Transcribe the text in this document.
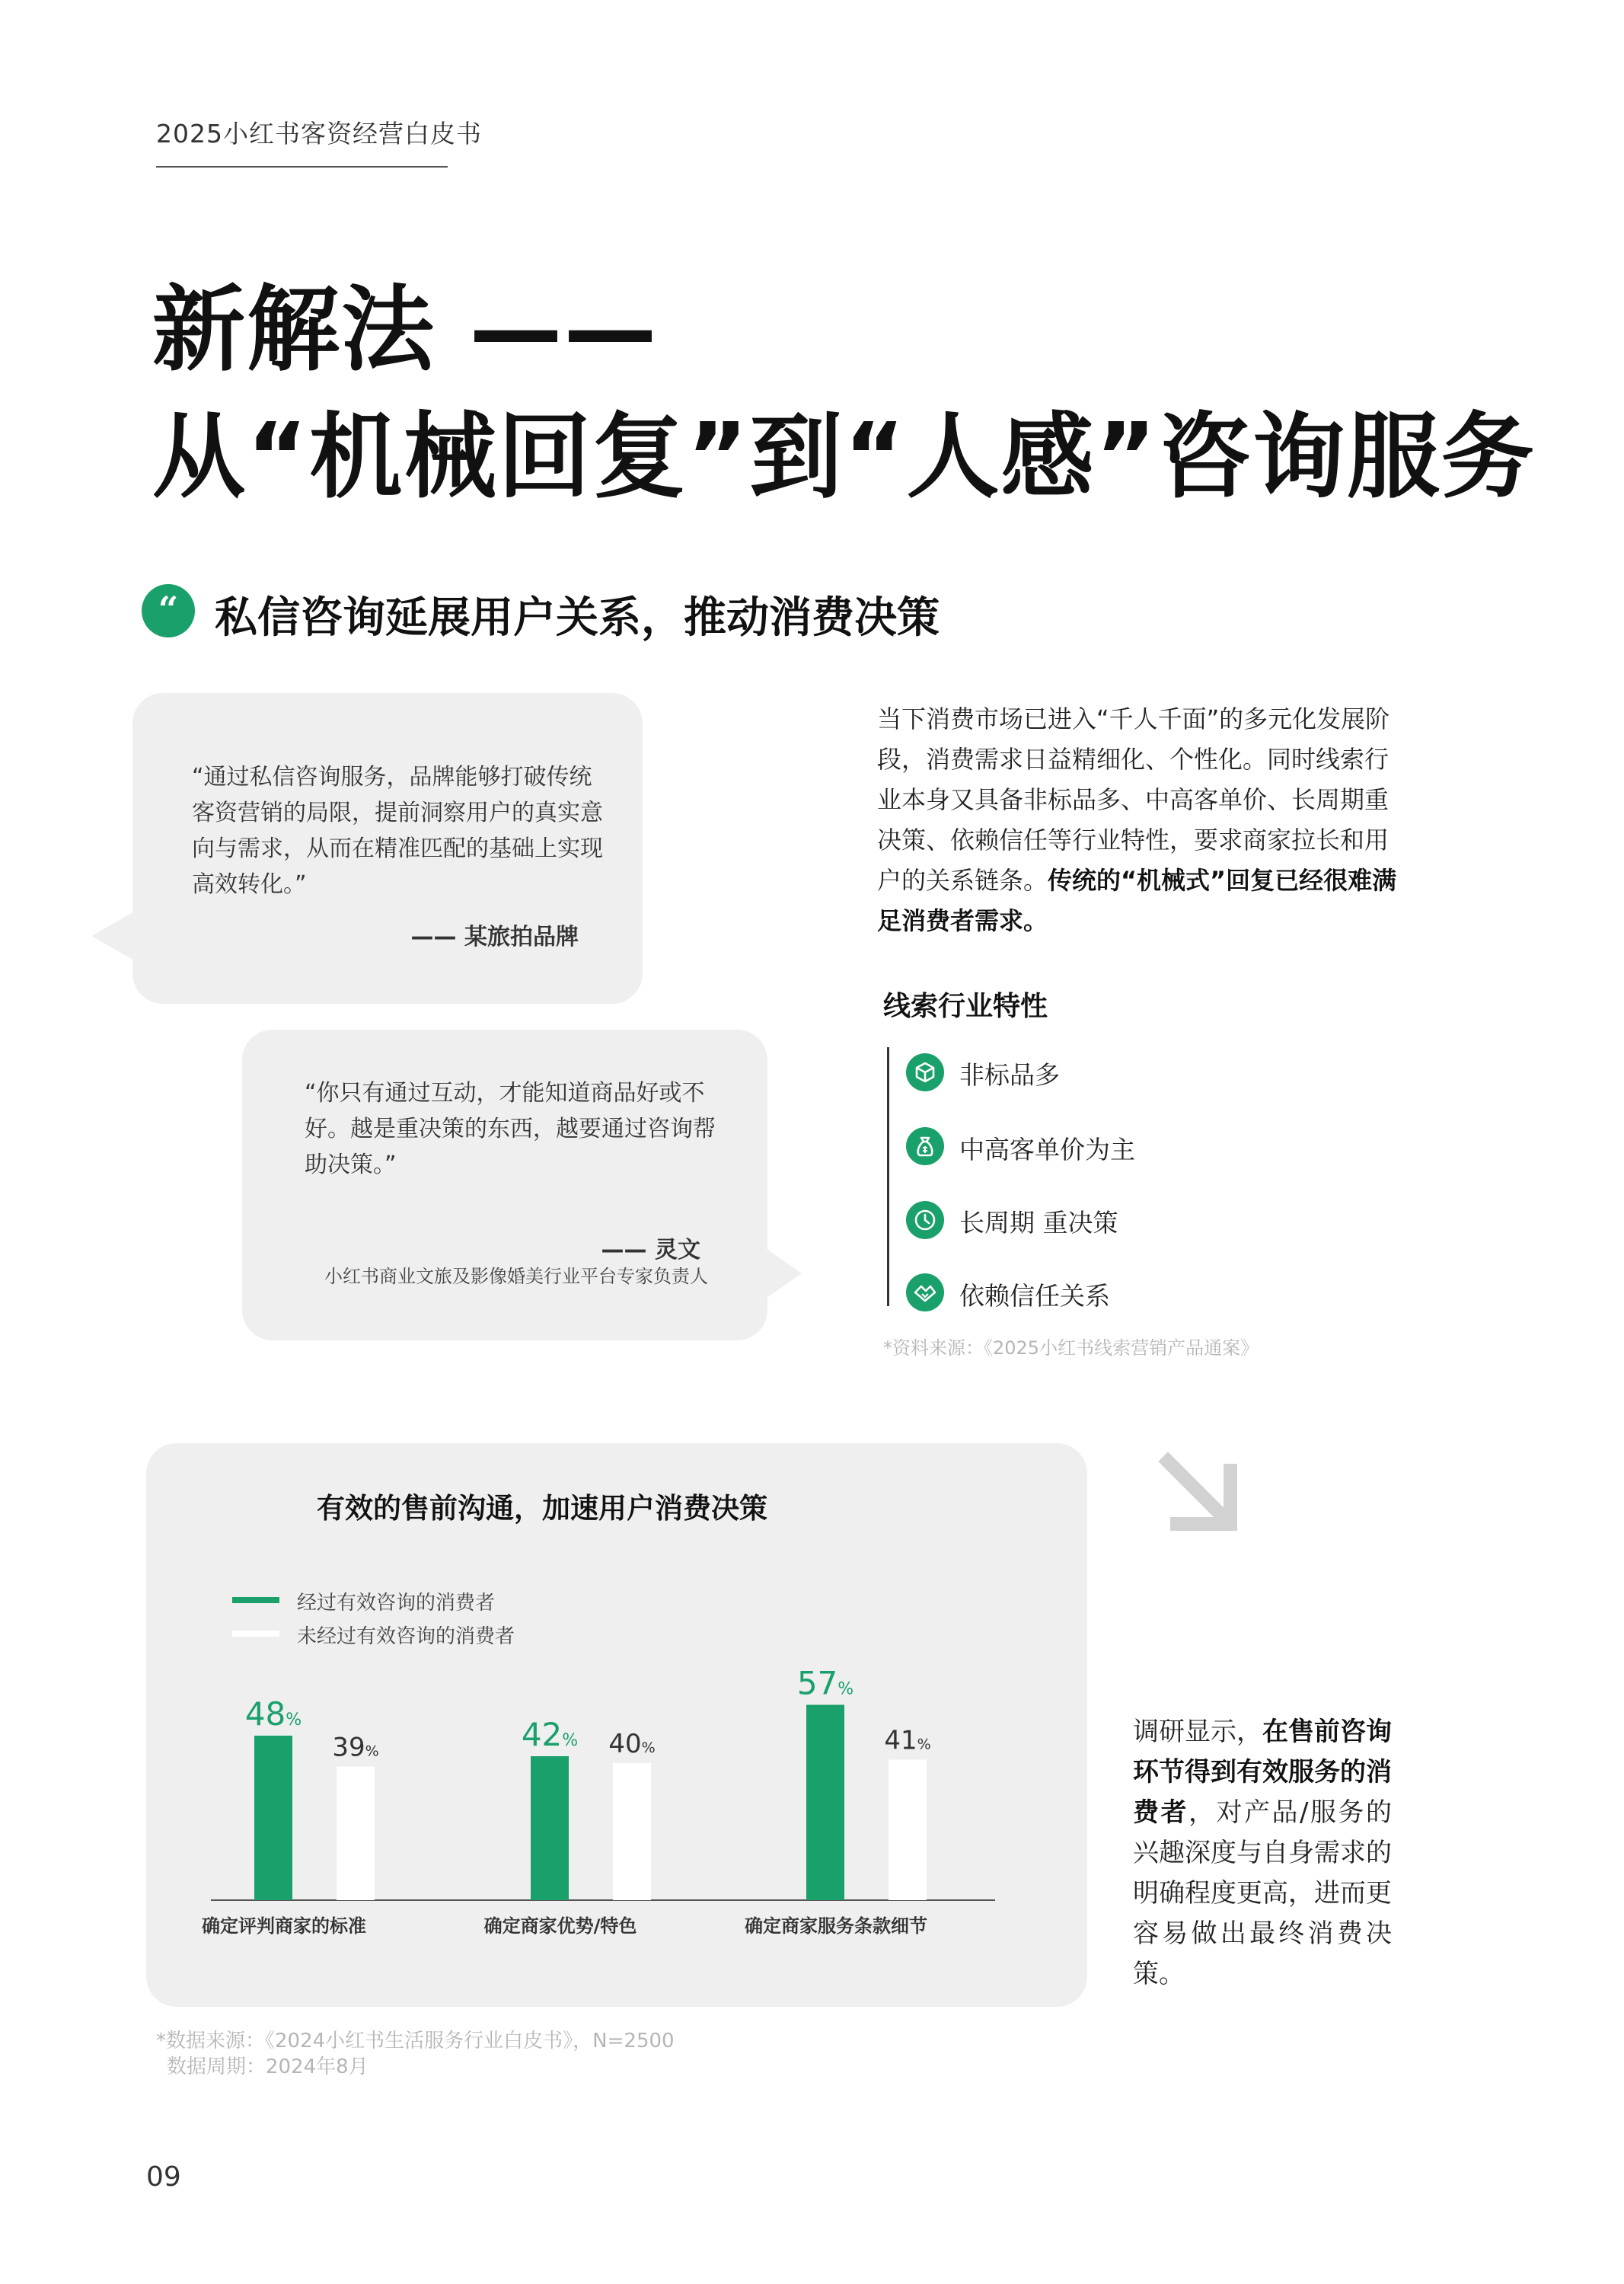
2025小红书客资经营白皮书
新解法 ——
从“机械回复”到“人感”咨询服务
“ 私信咨询延展用户关系，推动消费决策
“通过私信咨询服务，品牌能够打破传统客资营销的局限，提前洞察用户的真实意向与需求，从而在精准匹配的基础上实现高效转化。”
—— 某旅拍品牌
“你只有通过互动，才能知道商品好或不好。越是重决策的东西，越要通过咨询帮助决策。”
—— 灵文
小红书商业文旅及影像婚美行业平台专家负责人
当下消费市场已进入“千人千面”的多元化发展阶段，消费需求日益精细化、个性化。同时线索行业本身又具备非标品多、中高客单价、长周期重决策、依赖信任等行业特性，要求商家拉长和用户的关系链条。传统的“机械式”回复已经很难满足消费者需求。
线索行业特性
非标品多
中高客单价为主
长周期 重决策
依赖信任关系
*资料来源：《2025小红书线索营销产品通案》
有效的售前沟通，加速用户消费决策
经过有效咨询的消费者
未经过有效咨询的消费者
48%
39%
确定评判商家的标准
42% 40%
确定商家优势/特色
57%
41%
确定商家服务条款细节
调研显示，在售前咨询环节得到有效服务的消费者，对产品/服务的兴趣深度与自身需求的明确程度更高，进而更容易做出最终消费决策。
*数据来源：《2024小红书生活服务行业白皮书》，N=2500
数据周期：2024年8月
09
